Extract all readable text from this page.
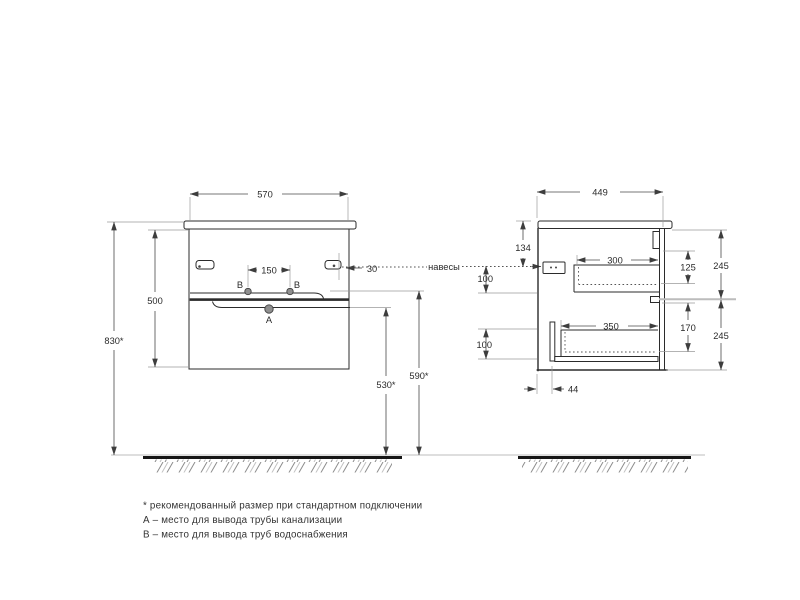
B	B
A
570
500
830*
150	30
590*
530*
навесы
449
134
100
100
300
125 245
350	170
245
44
* рекомендованный размер при стандартном подключении
А – место для вывода трубы канализации
В – место для вывода труб водоснабжения
